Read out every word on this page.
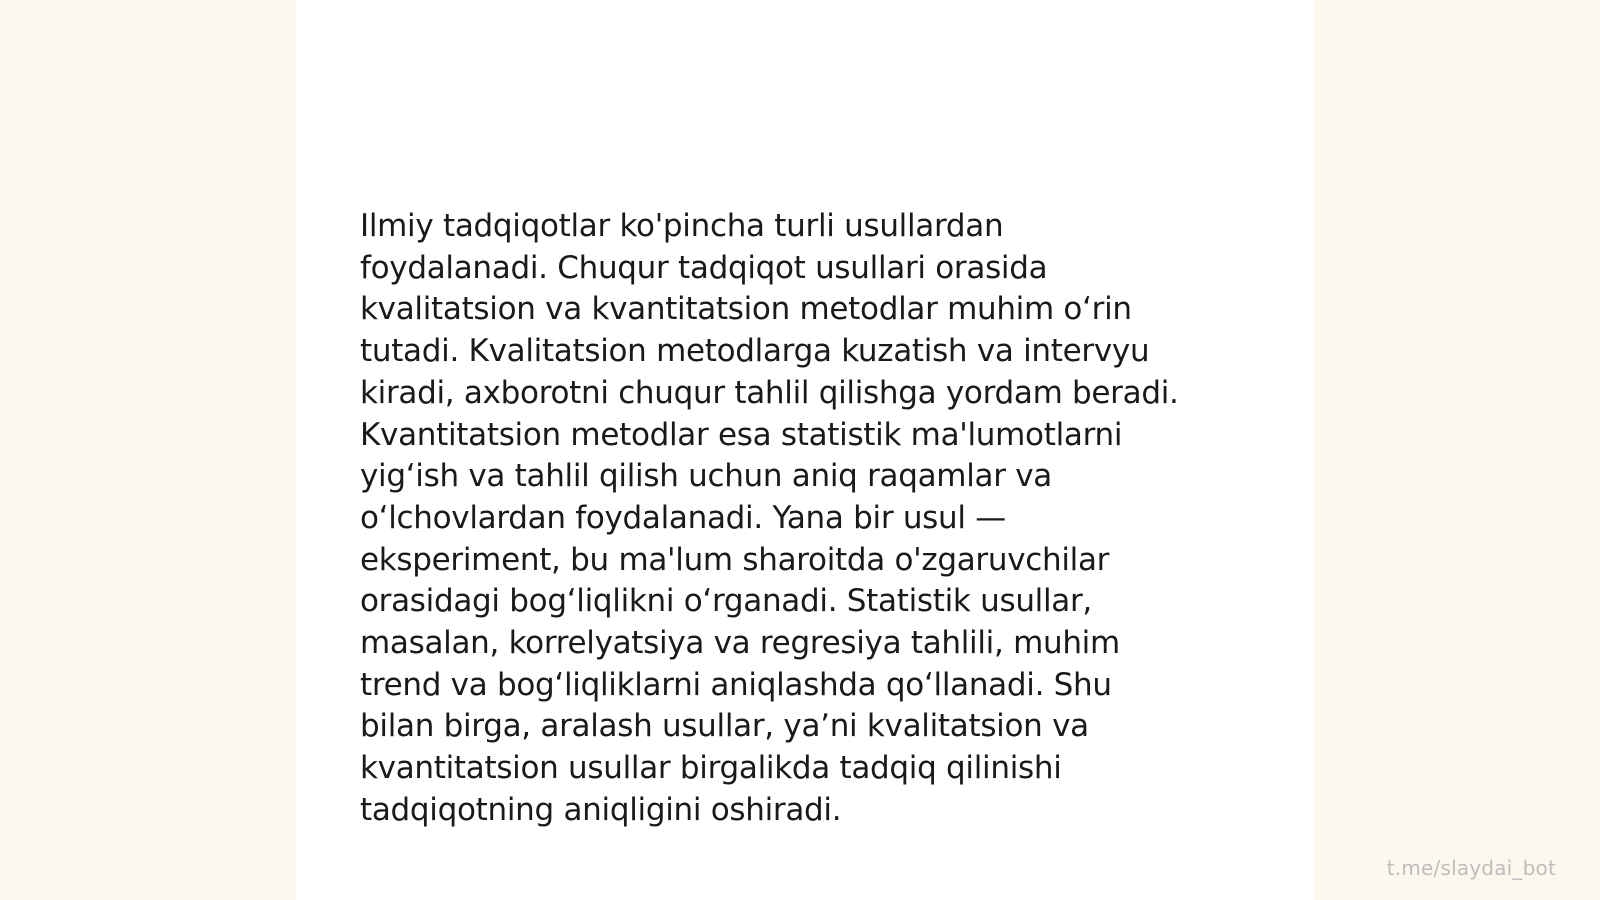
Ilmiy tadqiqotlar ko'pincha turli usullardan
foydalanadi. Chuqur tadqiqot usullari orasida
kvalitatsion va kvantitatsion metodlar muhim oʻrin
tutadi. Kvalitatsion metodlarga kuzatish va intervyu
kiradi, axborotni chuqur tahlil qilishga yordam beradi.
Kvantitatsion metodlar esa statistik ma'lumotlarni
yigʻish va tahlil qilish uchun aniq raqamlar va
oʻlchovlardan foydalanadi. Yana bir usul —
eksperiment, bu ma'lum sharoitda o'zgaruvchilar
orasidagi bogʻliqlikni oʻrganadi. Statistik usullar,
masalan, korrelyatsiya va regresiya tahlili, muhim
trend va bogʻliqliklarni aniqlashda qoʻllanadi. Shu
bilan birga, aralash usullar, yaʼni kvalitatsion va
kvantitatsion usullar birgalikda tadqiq qilinishi
tadqiqotning aniqligini oshiradi.

t.me/slaydai_bot
